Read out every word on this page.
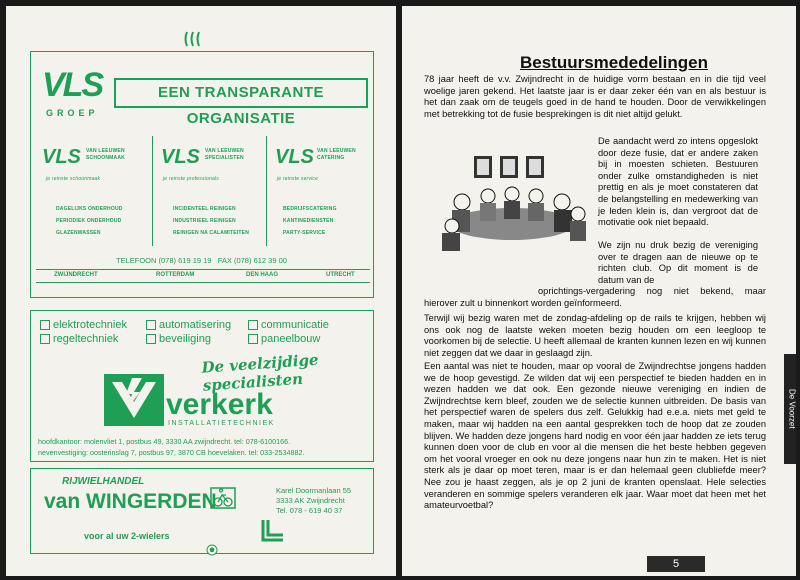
VLS
GROEP
EEN TRANSPARANTE ORGANISATIE
VLS VAN LEEUWEN
SCHOONMAAK
je reinste schoonmaak
DAGELIJKS ONDERHOUD
PERIODIEK ONDERHOUD
GLAZENWASSEN
VLS VAN LEEUWEN
SPECIALISTEN
je reinste professionals
INCIDENTEEL REINIGEN
INDUSTRIEEL REINIGEN
REINIGEN NA CALAMITEITEN
VLS VAN LEEUWEN
CATERING
je reinste service
BEDRIJFSCATERING
KANTINEDIENSTEN
PARTY-SERVICE
TELEFOON (078) 619 19 19   FAX (078) 612 39 00
ZWIJNDRECHT	ROTTERDAM	DEN HAAG	UTRECHT
elektrotechniek	automatisering	communicatie
regeltechniek	beveiliging	paneelbouw
De veelzijdige specialisten
verkerk
INSTALLATIETECHNIEK
hoofdkantoor: molenvliet 1, postbus 49, 3330 AA zwijndrecht. tel: 078-6100166.
nevenvestiging: oosterinslag 7, postbus 97, 3870 CB hoevelaken. tel: 033-2534882.
RIJWIELHANDEL
van WINGERDEN	Karel Doormanlaan 55
3333 AK Zwijndrecht
Tel. 078 - 619 40 37
voor al uw 2-wielers
Bestuursmededelingen
78 jaar heeft de v.v. Zwijndrecht in de huidige vorm bestaan en in die tijd veel woelige jaren gekend. Het laatste jaar is er daar zeker één van en als bestuur is het dan zaak om de teugels goed in de hand te houden. Door de verwikkelingen met betrekking tot de fusie besprekingen is dit niet altijd gelukt.
De aandacht werd zo intens opgeslokt door deze fusie, dat er andere zaken bij in moesten schieten. Bestuuren onder zulke omstandigheden is niet prettig en als je moet constateren dat de belangstelling en medewerking van je leden klein is, dan vergroot dat de motivatie ook niet bepaald.
We zijn nu druk bezig de vereniging over te dragen aan de nieuwe op te richten club. Op dit moment is de datum van de
oprichtings-vergadering nog niet bekend, maar hierover zult u binnenkort worden geïnformeerd.
Terwijl wij bezig waren met de zondag-afdeling op de rails te krijgen, hebben wij ons ook nog de laatste weken moeten bezig houden om een leegloop te voorkomen bij de selectie. U heeft allemaal de kranten kunnen lezen en wij kunnen niet zeggen dat we daar in geslaagd zijn.
Een aantal was niet te houden, maar op vooral de Zwijndrechtse jongens hadden we de hoop gevestigd. Ze wilden dat wij een perspectief te bieden hadden en in wezen hadden we dat ook. Een gezonde nieuwe vereniging en indien de Zwijndrechtse kern bleef, zouden we de selectie kunnen uitbreiden. De basis van het perspectief waren de spelers dus zelf. Gelukkig had e.e.a. niets met geld te maken, maar wij hadden na een aantal gesprekken toch de hoop dat ze zouden blijven. We hadden deze jongens hard nodig en voor één jaar hadden ze iets terug kunnen doen voor de club en voor al die mensen die het beste hebben gegeven om het vooral vroeger en ook nu deze jongens naar hun zin te maken. Het is niet sterk als je daar op moet teren, maar is er dan helemaal geen clubliefde meer? Nee zou je haast zeggen, als je op 2 juni de kranten openslaat. Hele selecties veranderen en sommige spelers veranderen elk jaar. Waar moet dat heen met het amateurvoetbal?
De Voorzet
5
